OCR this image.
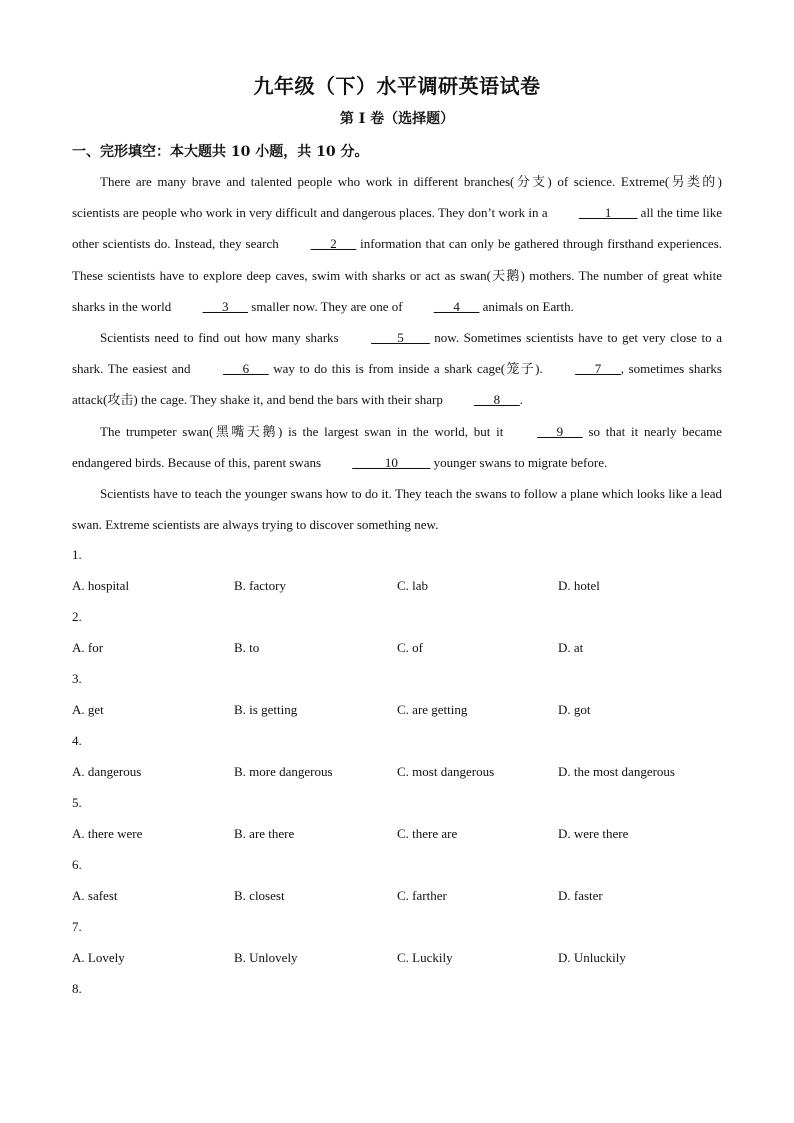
九年级（下）水平调研英语试卷
第 I 卷（选择题）
一、完形填空：本大题共 10 小题，共 10 分。

There are many brave and talented people who work in different branches(分支) of science. Extreme(另类的) scientists are people who work in very difficult and dangerous places. They don’t work in a ____1____ all the time like other scientists do. Instead, they search ___2___ information that can only be gathered through firsthand experiences. These scientists have to explore deep caves, swim with sharks or act as swan(天鹅) mothers. The number of great white sharks in the world ___3___ smaller now. They are one of ___4___ animals on Earth.

Scientists need to find out how many sharks ____5____ now. Sometimes scientists have to get very close to a shark. The easiest and ___6___ way to do this is from inside a shark cage(笼子). ___7___, sometimes sharks attack(攻击) the cage. They shake it, and bend the bars with their sharp ___8___.

The trumpeter swan(黑嘴天鹅) is the largest swan in the world, but it ___9___ so that it nearly became endangered birds. Because of this, parent swans _____10_____ younger swans to migrate before.

Scientists have to teach the younger swans how to do it. They teach the swans to follow a plane which looks like a lead swan. Extreme scientists are always trying to discover something new.

1.
A. hospital	B. factory	C. lab	D. hotel
2.
A. for	B. to	C. of	D. at
3.
A. get	B. is getting	C. are getting	D. got
4.
A. dangerous	B. more dangerous	C. most dangerous	D. the most dangerous
5.
A. there were	B. are there	C. there are	D. were there
6.
A. safest	B. closest	C. farther	D. faster
7.
A. Lovely	B. Unlovely	C. Luckily	D. Unluckily
8.
